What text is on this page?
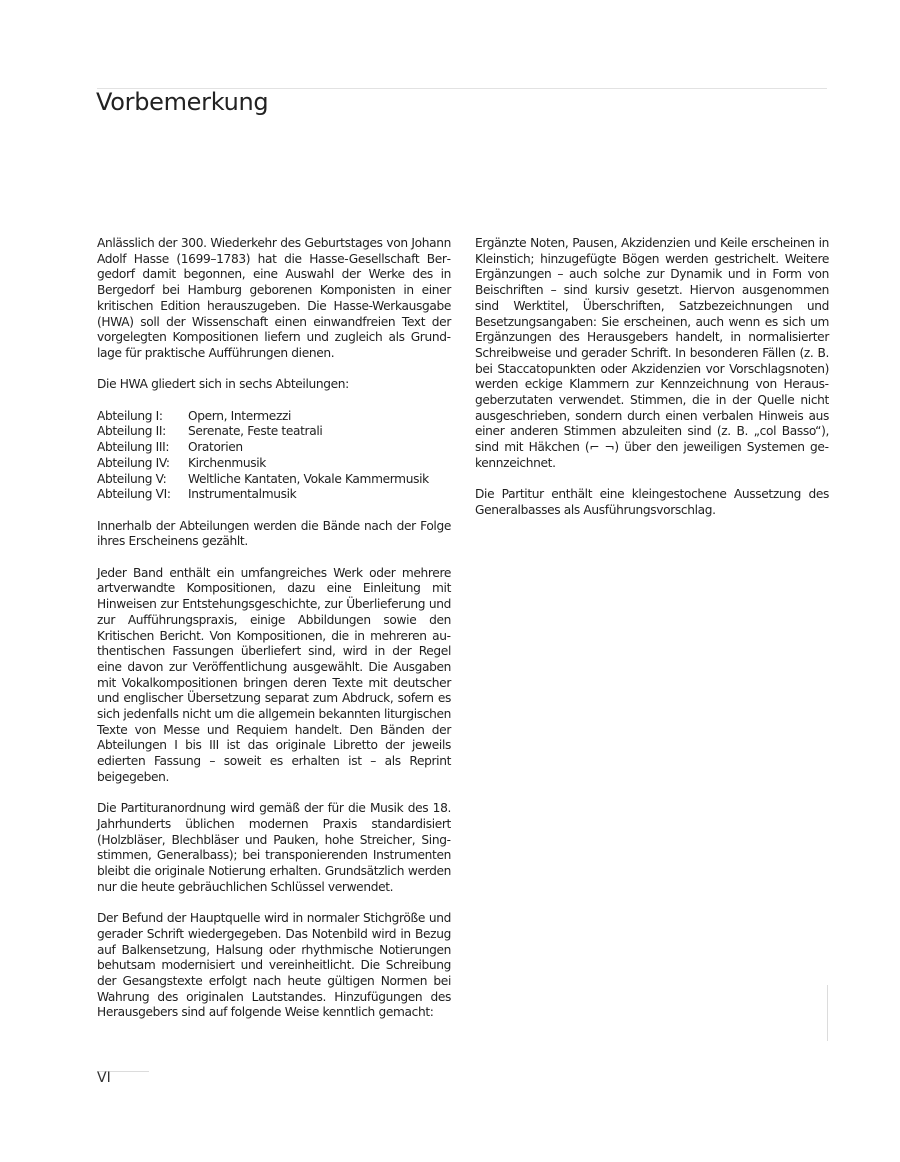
Vorbemerkung

Anlässlich der 300. Wiederkehr des Geburtstages von Johann Adolf Hasse (1699–1783) hat die Hasse-Gesellschaft Bergedorf damit begonnen, eine Auswahl der Werke des in Bergedorf bei Hamburg geborenen Komponisten in einer kritischen Edition herauszugeben. Die Hasse-Werkausgabe (HWA) soll der Wissenschaft einen einwandfreien Text der vorgelegten Kompositionen liefern und zugleich als Grundlage für praktische Aufführungen dienen.

Die HWA gliedert sich in sechs Abteilungen:

Abteilung I:	Opern, Intermezzi
Abteilung II:	Serenate, Feste teatrali
Abteilung III:	Oratorien
Abteilung IV:	Kirchenmusik
Abteilung V:	Weltliche Kantaten, Vokale Kammermusik
Abteilung VI:	Instrumentalmusik

Innerhalb der Abteilungen werden die Bände nach der Folge ihres Erscheinens gezählt.

Jeder Band enthält ein umfangreiches Werk oder mehrere artverwandte Kompositionen, dazu eine Einleitung mit Hinweisen zur Entstehungsgeschichte, zur Überlieferung und zur Aufführungspraxis, einige Abbildungen sowie den Kritischen Bericht. Von Kompositionen, die in mehreren authentischen Fassungen überliefert sind, wird in der Regel eine davon zur Veröffentlichung ausgewählt. Die Ausgaben mit Vokalkompositionen bringen deren Texte mit deutscher und englischer Übersetzung separat zum Abdruck, sofern es sich jedenfalls nicht um die allgemein bekannten liturgischen Texte von Messe und Requiem handelt. Den Bänden der Abteilungen I bis III ist das originale Libretto der jeweils edierten Fassung – soweit es erhalten ist – als Reprint beigegeben.

Die Partituranordnung wird gemäß der für die Musik des 18. Jahrhunderts üblichen modernen Praxis standardisiert (Holzbläser, Blechbläser und Pauken, hohe Streicher, Singstimmen, Generalbass); bei transponierenden Instrumenten bleibt die originale Notierung erhalten. Grundsätzlich werden nur die heute gebräuchlichen Schlüssel verwendet.

Der Befund der Hauptquelle wird in normaler Stichgröße und gerader Schrift wiedergegeben. Das Notenbild wird in Bezug auf Balkensetzung, Halsung oder rhythmische Notierungen behutsam modernisiert und vereinheitlicht. Die Schreibung der Gesangstexte erfolgt nach heute gültigen Normen bei Wahrung des originalen Lautstandes. Hinzufügungen des Herausgebers sind auf folgende Weise kenntlich gemacht:

Ergänzte Noten, Pausen, Akzidenzien und Keile erscheinen in Kleinstich; hinzugefügte Bögen werden gestrichelt. Weitere Ergänzungen – auch solche zur Dynamik und in Form von Beischriften – sind kursiv gesetzt. Hiervon ausgenommen sind Werktitel, Überschriften, Satzbezeichnungen und Besetzungsangaben: Sie erscheinen, auch wenn es sich um Ergänzungen des Herausgebers handelt, in normalisierter Schreibweise und gerader Schrift. In besonderen Fällen (z. B. bei Staccatopunkten oder Akzidenzien vor Vorschlagsnoten) werden eckige Klammern zur Kennzeichnung von Herausgeberzutaten verwendet. Stimmen, die in der Quelle nicht ausgeschrieben, sondern durch einen verbalen Hinweis aus einer anderen Stimmen abzuleiten sind (z. B. „col Basso“), sind mit Häkchen (⌐ ¬) über den jeweiligen Systemen gekennzeichnet.

Die Partitur enthält eine kleingestochene Aussetzung des Generalbasses als Ausführungsvorschlag.

VI
